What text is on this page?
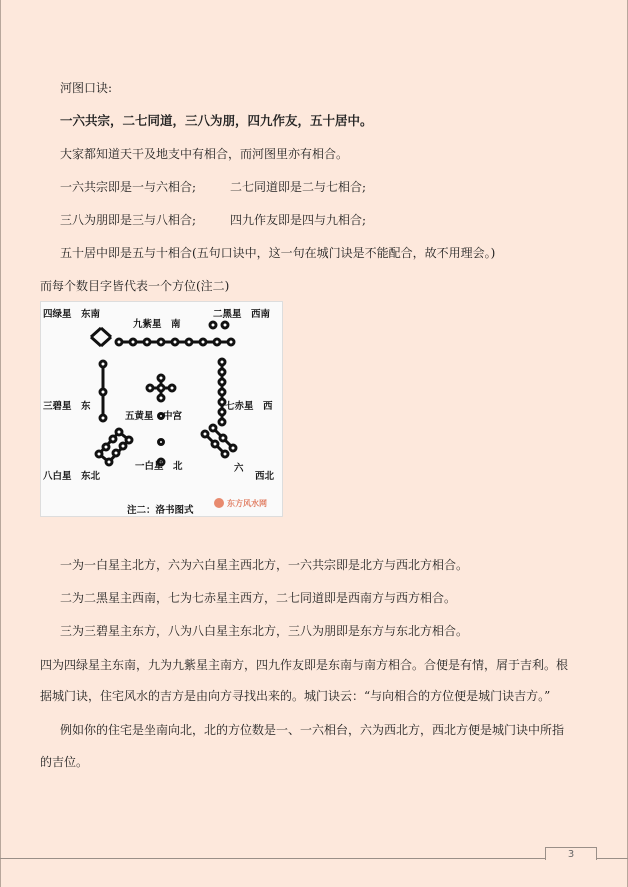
河图口诀:
一六共宗，二七同道，三八为朋，四九作友，五十居中。
大家都知道天干及地支中有相合，而河图里亦有相合。
一六共宗即是一与六相合;	二七同道即是二与七相合;
三八为朋即是三与八相合;	四九作友即是四与九相合;
五十居中即是五与十相合(五句口诀中，这一句在城门诀是不能配合，故不用理会。)
而每个数目字皆代表一个方位(注二)
四绿星　东南
九紫星　南
二黑星　西南
三碧星　东
五黄星　中宫
七赤星　西
一白星　北
八白星　东北
六
西北
东方风水网
注二：洛书图式
一为一白星主北方，六为六白星主西北方，一六共宗即是北方与西北方相合。
二为二黑星主西南，七为七赤星主西方，二七同道即是西南方与西方相合。
三为三碧星主东方，八为八白星主东北方，三八为朋即是东方与东北方相合。
四为四绿星主东南，九为九紫星主南方，四九作友即是东南与南方相合。合便是有情，屑于吉利。根
据城门诀，住宅风水的吉方是由向方寻找出来的。城门诀云：“与向相合的方位便是城门诀吉方。”
例如你的住宅是坐南向北，北的方位数是一、一六相台，六为西北方，西北方便是城门诀中所指
的吉位。
3
